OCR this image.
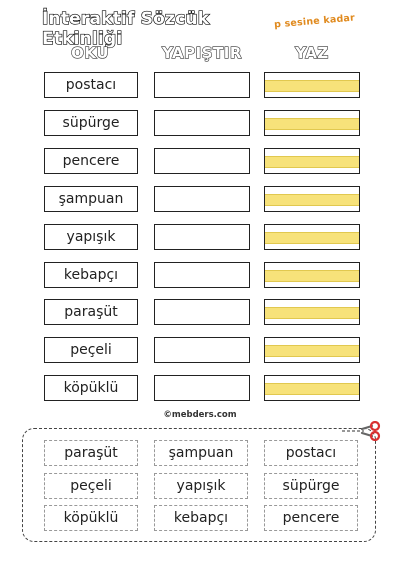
İnteraktif Sözcük Etkinliği
p sesine kadar
OKU	YAPIŞTIR	YAZ
postacı
süpürge
pencere
şampuan
yapışık
kebapçı
paraşüt
peçeli
köpüklü
©mebders.com
paraşüt	şampuan	postacı
peçeli	yapışık	süpürge
köpüklü	kebapçı	pencere
